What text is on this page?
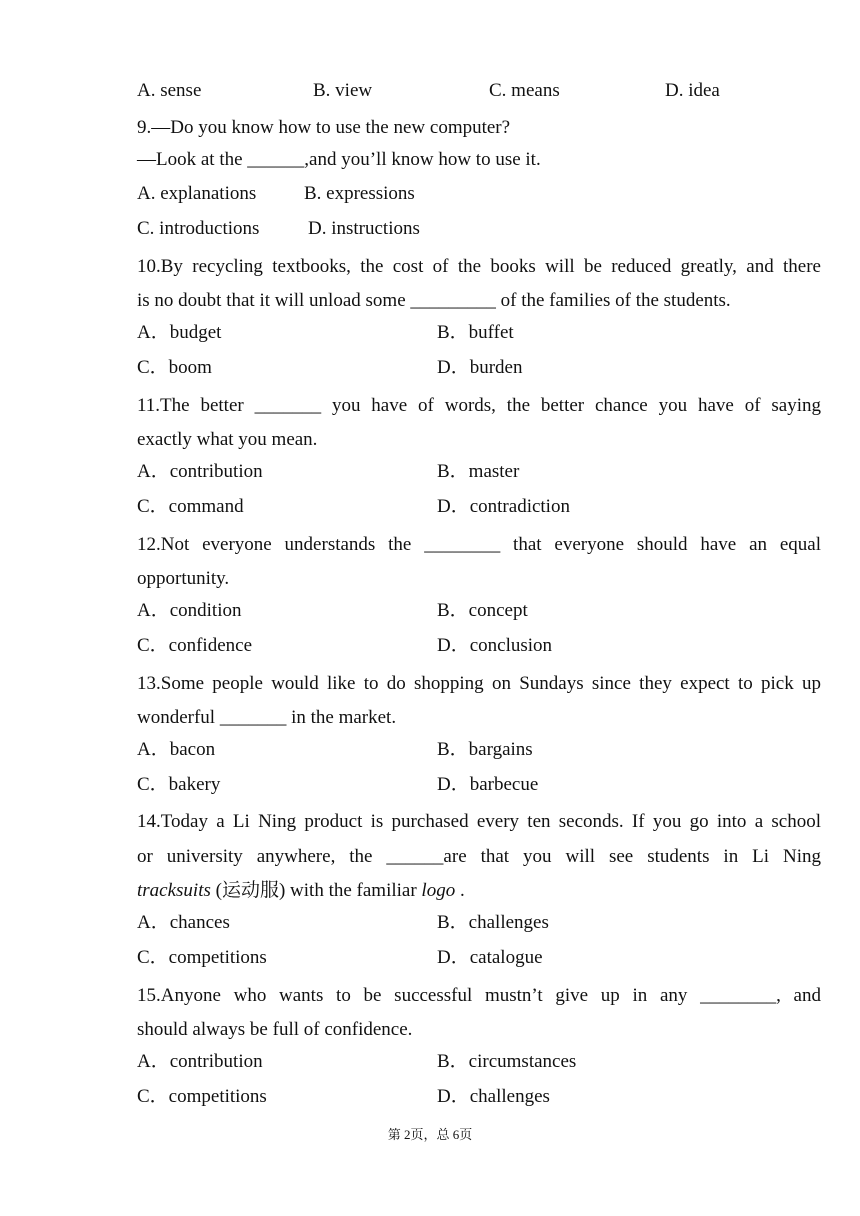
A. sense	B. view	C. means	D. idea
9.—Do you know how to use the new computer?
—Look at the ______,and you’ll know how to use it.
A. explanations	B. expressions
C. introductions	D. instructions
10.By recycling textbooks, the cost of the books will be reduced greatly, and there
is no doubt that it will unload some _________ of the families of the students.
A．budget	B．buffet
C．boom	D．burden
11.The better _______ you have of words, the better chance you have of saying
exactly what you mean.
A．contribution	B．master
C．command	D．contradiction
12.Not everyone understands the ________ that everyone should have an equal
opportunity.
A．condition	B．concept
C．confidence	D．conclusion
13.Some people would like to do shopping on Sundays since they expect to pick up
wonderful _______ in the market.
A．bacon	B．bargains
C．bakery	D．barbecue
14.Today a Li Ning product is purchased every ten seconds. If you go into a school
or university anywhere, the ______are that you will see students in Li Ning
tracksuits (运动服) with the familiar logo .
A．chances	B．challenges
C．competitions	D．catalogue
15.Anyone who wants to be successful mustn’t give up in any ________, and
should always be full of confidence.
A．contribution	B．circumstances
C．competitions	D．challenges
第 2页，总 6页
